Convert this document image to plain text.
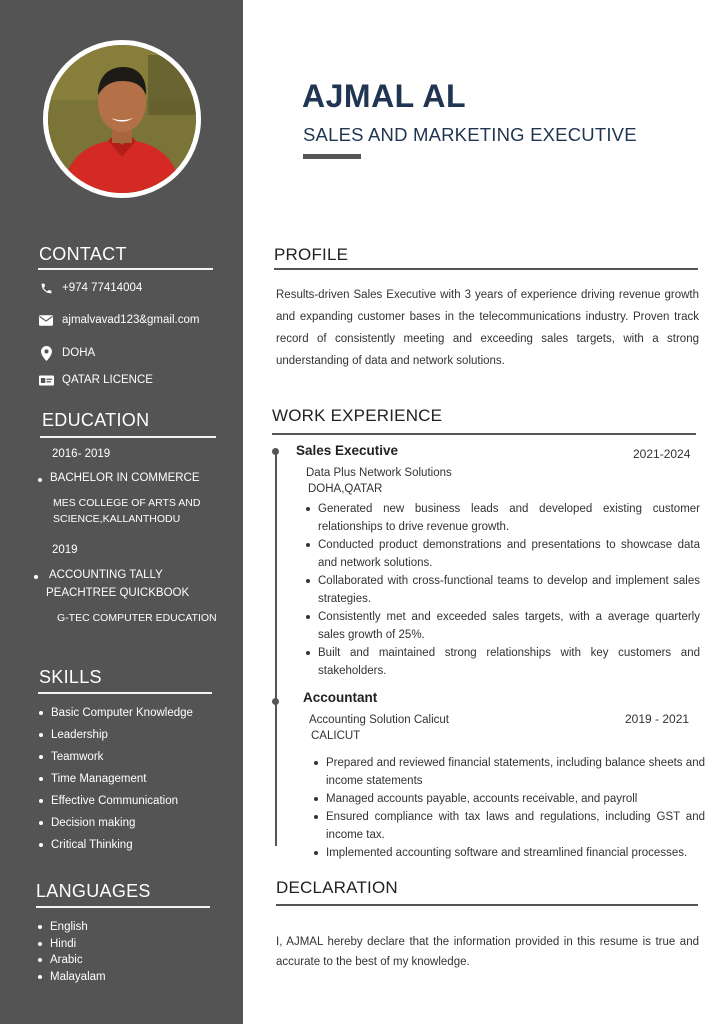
CONTACT
+974 77414004
ajmalvavad123&gmail.com
DOHA
QATAR LICENCE
EDUCATION
2016- 2019
BACHELOR IN COMMERCE
MES COLLEGE OF ARTS AND
SCIENCE,KALLANTHODU
2019
ACCOUNTING TALLY
PEACHTREE QUICKBOOK
G-TEC COMPUTER EDUCATION
SKILLS
Basic Computer Knowledge
Leadership
Teamwork
Time Management
Effective Communication
Decision making
Critical Thinking
LANGUAGES
English
Hindi
Arabic
Malayalam
AJMAL AL
SALES AND MARKETING EXECUTIVE
PROFILE
Results-driven Sales Executive with 3 years of experience driving revenue growth and expanding customer bases in the telecommunications industry. Proven track record of consistently meeting and exceeding sales targets, with a strong understanding of data and network solutions.
WORK EXPERIENCE
Sales Executive	2021-2024
Data Plus Network Solutions
DOHA,QATAR
Generated new business leads and developed existing customer relationships to drive revenue growth.
Conducted product demonstrations and presentations to showcase data and network solutions.
Collaborated with cross-functional teams to develop and implement sales strategies.
Consistently met and exceeded sales targets, with a average quarterly sales growth of 25%.
Built and maintained strong relationships with key customers and stakeholders.
Accountant
2019 - 2021
Accounting Solution Calicut
CALICUT
Prepared and reviewed financial statements, including balance sheets and income statements
Managed accounts payable, accounts receivable, and payroll
Ensured compliance with tax laws and regulations, including GST and income tax.
Implemented accounting software and streamlined financial processes.
DECLARATION
I, AJMAL hereby declare that the information provided in this resume is true and accurate to the best of my knowledge.
